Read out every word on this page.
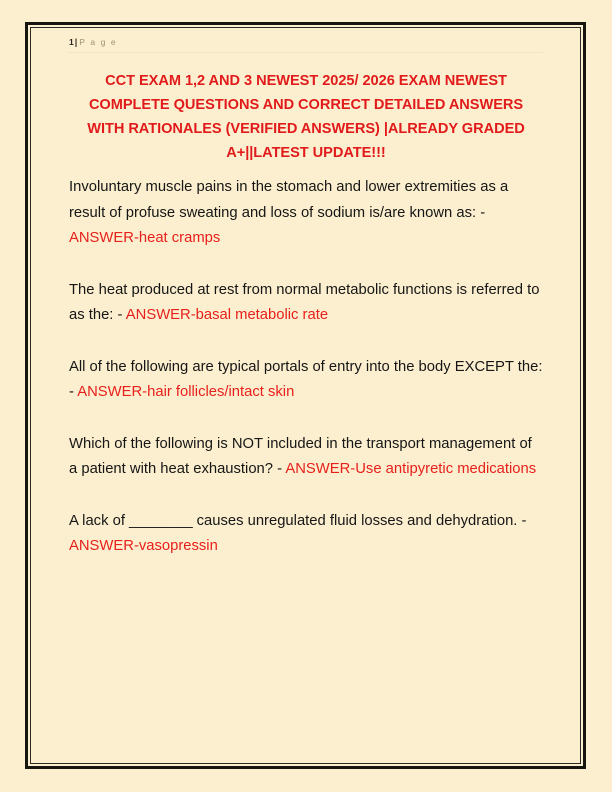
1| P a g e
CCT EXAM 1,2 AND 3 NEWEST 2025/ 2026 EXAM NEWEST COMPLETE QUESTIONS AND CORRECT DETAILED ANSWERS WITH RATIONALES (VERIFIED ANSWERS) |ALREADY GRADED A+||LATEST UPDATE!!!

Involuntary muscle pains in the stomach and lower extremities as a result of profuse sweating and loss of sodium is/are known as: - ANSWER-heat cramps

The heat produced at rest from normal metabolic functions is referred to as the: - ANSWER-basal metabolic rate

All of the following are typical portals of entry into the body EXCEPT the: - ANSWER-hair follicles/intact skin

Which of the following is NOT included in the transport management of a patient with heat exhaustion? - ANSWER-Use antipyretic medications

A lack of ________ causes unregulated fluid losses and dehydration. - ANSWER-vasopressin
